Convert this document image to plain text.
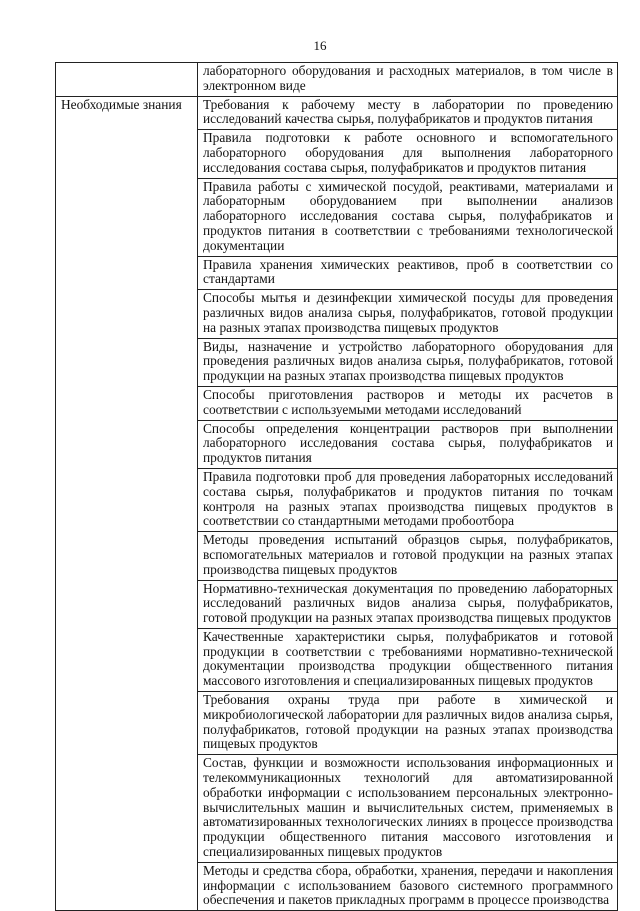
16
	лабораторного оборудования и расходных материалов, в том числе в электронном виде
Необходимые знания	Требования к рабочему месту в лаборатории по проведению исследований качества сырья, полуфабрикатов и продуктов питания
	Правила подготовки к работе основного и вспомогательного лабораторного оборудования для выполнения лабораторного исследования состава сырья, полуфабрикатов и продуктов питания
	Правила работы с химической посудой, реактивами, материалами и лабораторным оборудованием при выполнении анализов лабораторного исследования состава сырья, полуфабрикатов и продуктов питания в соответствии с требованиями технологической документации
	Правила хранения химических реактивов, проб в соответствии со стандартами
	Способы мытья и дезинфекции химической посуды для проведения различных видов анализа сырья, полуфабрикатов, готовой продукции на разных этапах производства пищевых продуктов
	Виды, назначение и устройство лабораторного оборудования для проведения различных видов анализа сырья, полуфабрикатов, готовой продукции на разных этапах производства пищевых продуктов
	Способы приготовления растворов и методы их расчетов в соответствии с используемыми методами исследований
	Способы определения концентрации растворов при выполнении лабораторного исследования состава сырья, полуфабрикатов и продуктов питания
	Правила подготовки проб для проведения лабораторных исследований состава сырья, полуфабрикатов и продуктов питания по точкам контроля на разных этапах производства пищевых продуктов в соответствии со стандартными методами пробоотбора
	Методы проведения испытаний образцов сырья, полуфабрикатов, вспомогательных материалов и готовой продукции на разных этапах производства пищевых продуктов
	Нормативно-техническая документация по проведению лабораторных исследований различных видов анализа сырья, полуфабрикатов, готовой продукции на разных этапах производства пищевых продуктов
	Качественные характеристики сырья, полуфабрикатов и готовой продукции в соответствии с требованиями нормативно-технической документации производства продукции общественного питания массового изготовления и специализированных пищевых продуктов
	Требования охраны труда при работе в химической и микробиологической лаборатории для различных видов анализа сырья, полуфабрикатов, готовой продукции на разных этапах производства пищевых продуктов
	Состав, функции и возможности использования информационных и телекоммуникационных технологий для автоматизированной обработки информации с использованием персональных электронно-вычислительных машин и вычислительных систем, применяемых в автоматизированных технологических линиях в процессе производства продукции общественного питания массового изготовления и специализированных пищевых продуктов
	Методы и средства сбора, обработки, хранения, передачи и накопления информации с использованием базового системного программного обеспечения и пакетов прикладных программ в процессе производства
